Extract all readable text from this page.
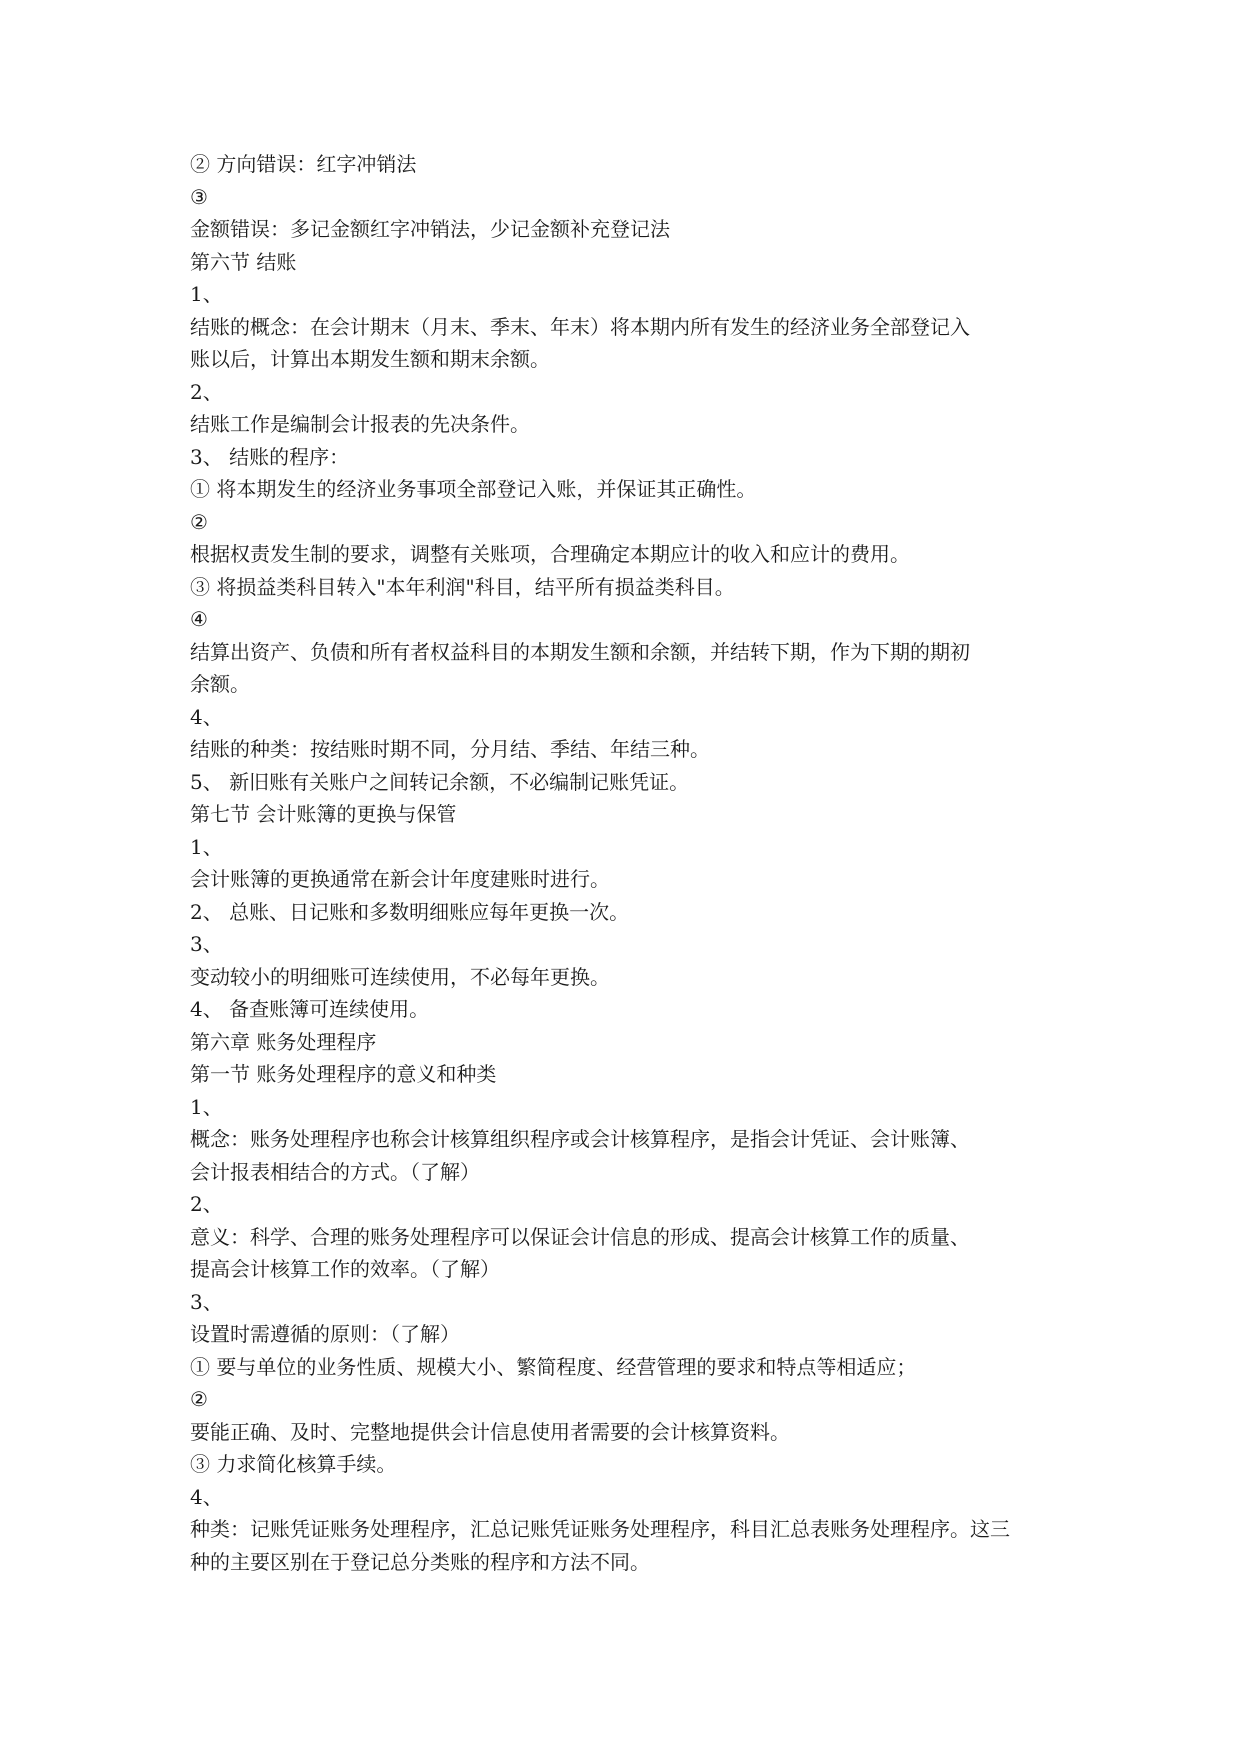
② 方向错误：红字冲销法
③
金额错误：多记金额红字冲销法，少记金额补充登记法
第六节 结账
1、
结账的概念：在会计期末（月末、季末、年末）将本期内所有发生的经济业务全部登记入
账以后，计算出本期发生额和期末余额。
2、
结账工作是编制会计报表的先决条件。
3、 结账的程序：
① 将本期发生的经济业务事项全部登记入账，并保证其正确性。
②
根据权责发生制的要求，调整有关账项，合理确定本期应计的收入和应计的费用。
③ 将损益类科目转入"本年利润"科目，结平所有损益类科目。
④
结算出资产、负债和所有者权益科目的本期发生额和余额，并结转下期，作为下期的期初
余额。
4、
结账的种类：按结账时期不同，分月结、季结、年结三种。
5、 新旧账有关账户之间转记余额，不必编制记账凭证。
第七节 会计账簿的更换与保管
1、
会计账簿的更换通常在新会计年度建账时进行。
2、 总账、日记账和多数明细账应每年更换一次。
3、
变动较小的明细账可连续使用，不必每年更换。
4、 备查账簿可连续使用。
第六章 账务处理程序
第一节 账务处理程序的意义和种类
1、
概念：账务处理程序也称会计核算组织程序或会计核算程序，是指会计凭证、会计账簿、
会计报表相结合的方式。（了解）
2、
意义：科学、合理的账务处理程序可以保证会计信息的形成、提高会计核算工作的质量、
提高会计核算工作的效率。（了解）
3、
设置时需遵循的原则：（了解）
① 要与单位的业务性质、规模大小、繁简程度、经营管理的要求和特点等相适应；
②
要能正确、及时、完整地提供会计信息使用者需要的会计核算资料。
③ 力求简化核算手续。
4、
种类：记账凭证账务处理程序，汇总记账凭证账务处理程序，科目汇总表账务处理程序。这三
种的主要区别在于登记总分类账的程序和方法不同。
